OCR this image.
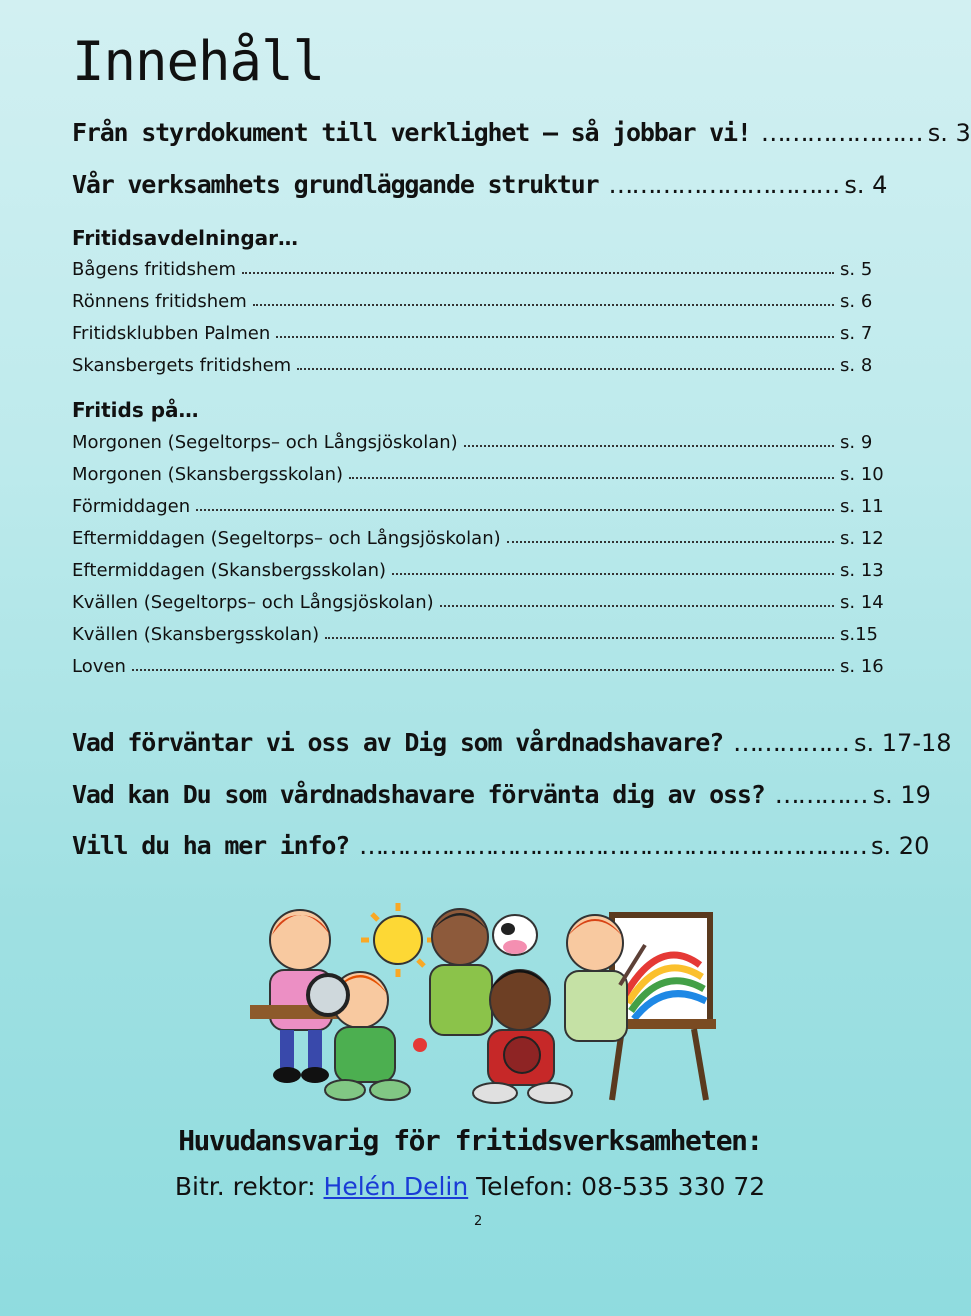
Innehåll
Från styrdokument till verklighet – så jobbar vi! ………………… s. 3
Vår verksamhets grundläggande struktur ………………………… s. 4
Fritidsavdelningar…
Bågens fritidshem	s. 5
Rönnens fritidshem	s. 6
Fritidsklubben Palmen	s. 7
Skansbergets fritidshem	s. 8
Fritids på…
Morgonen (Segeltorps– och Långsjöskolan)	s. 9
Morgonen (Skansbergsskolan)	s. 10
Förmiddagen	s. 11
Eftermiddagen (Segeltorps– och Långsjöskolan)	s. 12
Eftermiddagen (Skansbergsskolan)	s. 13
Kvällen (Segeltorps– och Långsjöskolan)	s. 14
Kvällen (Skansbergsskolan)	s.15
Loven	s. 16
Vad förväntar vi oss av Dig som vårdnadshavare? …………… s. 17-18
Vad kan Du som vårdnadshavare förvänta dig av oss? ………… s. 19
Vill du ha mer info? …………………………………………………………… s. 20
Huvudansvarig för fritidsverksamheten:
Bitr. rektor: Helén Delin Telefon: 08-535 330 72
2
